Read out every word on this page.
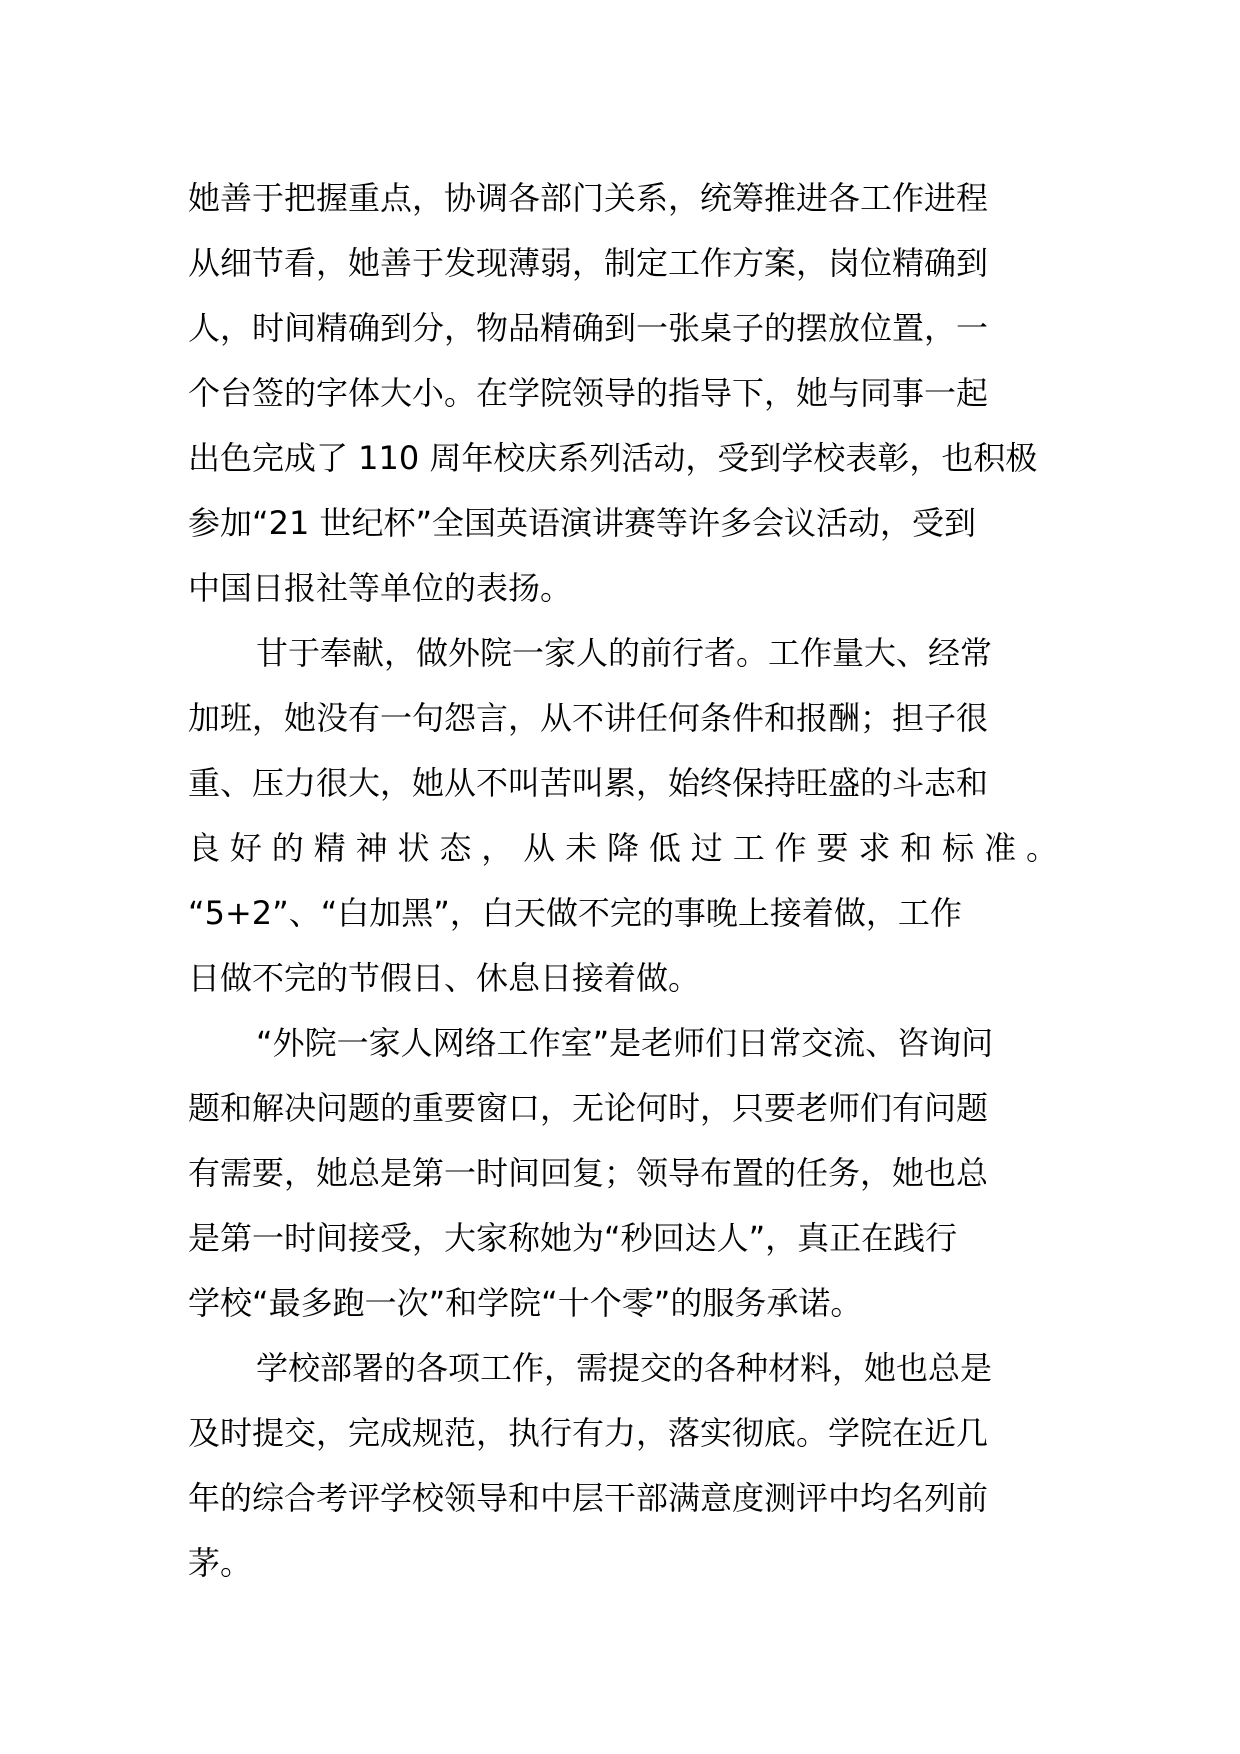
她善于把握重点，协调各部门关系，统筹推进各工作进程
从细节看，她善于发现薄弱，制定工作方案，岗位精确到
人，时间精确到分，物品精确到一张桌子的摆放位置，一
个台签的字体大小。在学院领导的指导下，她与同事一起
出色完成了 110 周年校庆系列活动，受到学校表彰，也积极
参加“21 世纪杯”全国英语演讲赛等许多会议活动，受到
中国日报社等单位的表扬。
甘于奉献，做外院一家人的前行者。工作量大、经常
加班，她没有一句怨言，从不讲任何条件和报酬；担子很
重、压力很大，她从不叫苦叫累，始终保持旺盛的斗志和
良好的精神状态，从未降低过工作要求和标准。
“5+2”、“白加黑”，白天做不完的事晚上接着做，工作
日做不完的节假日、休息日接着做。
“外院一家人网络工作室”是老师们日常交流、咨询问
题和解决问题的重要窗口，无论何时，只要老师们有问题
有需要，她总是第一时间回复；领导布置的任务，她也总
是第一时间接受，大家称她为“秒回达人”，真正在践行
学校“最多跑一次”和学院“十个零”的服务承诺。
学校部署的各项工作，需提交的各种材料，她也总是
及时提交，完成规范，执行有力，落实彻底。学院在近几
年的综合考评学校领导和中层干部满意度测评中均名列前
茅。
